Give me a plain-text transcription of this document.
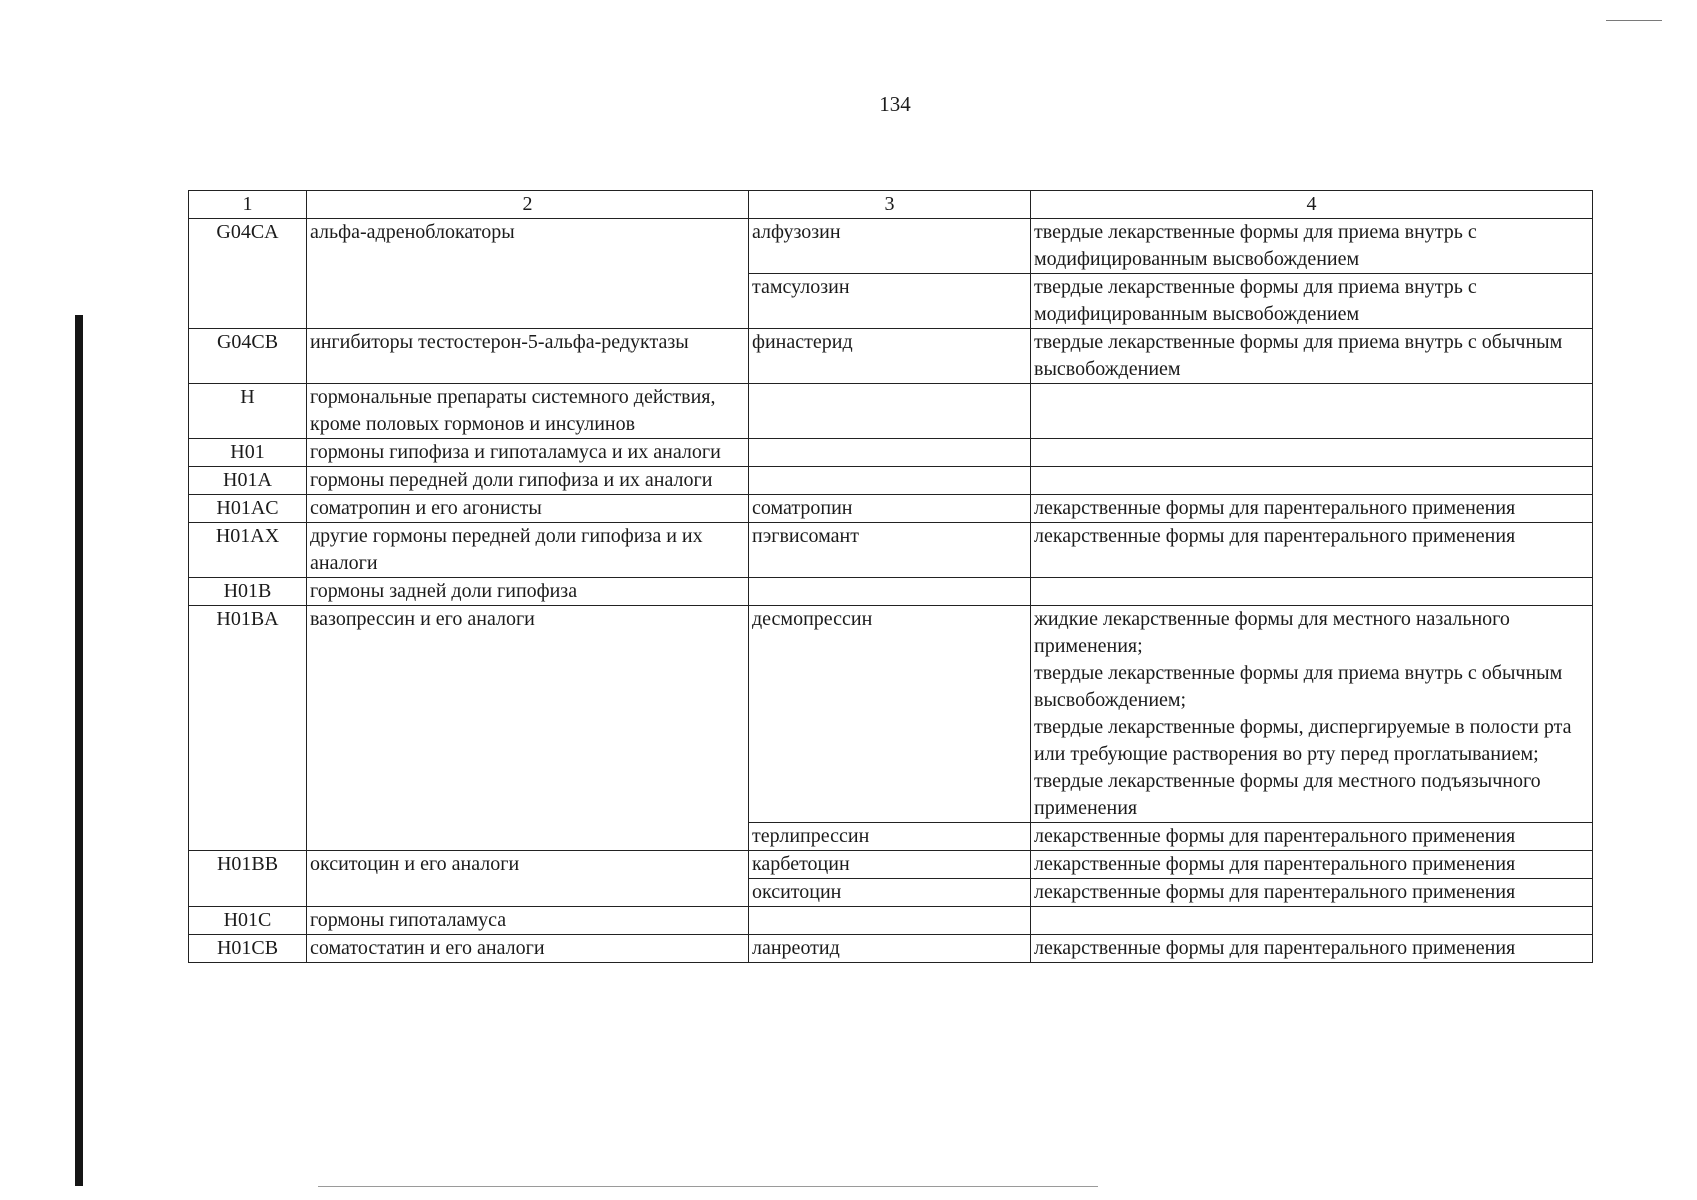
134
1	2	3	4
G04CA	альфа-адреноблокаторы	алфузозин	твердые лекарственные формы для приема внутрь с модифицированным высвобождением

		тамсулозин	твердые лекарственные формы для приема внутрь с модифицированным высвобождением

G04CB	ингибиторы тестостерон-5-альфа-редуктазы	финастерид	твердые лекарственные формы для приема внутрь с обычным высвобождением

H	гормональные препараты системного действия, кроме половых гормонов и инсулинов		

H01	гормоны гипофиза и гипоталамуса и их аналоги		

H01A	гормоны передней доли гипофиза и их аналоги		

H01AC	соматропин и его агонисты	соматропин	лекарственные формы для парентерального применения

H01AX	другие гормоны передней доли гипофиза и их аналоги	пэгвисомант	лекарственные формы для парентерального применения

H01B	гормоны задней доли гипофиза		

H01BA	вазопрессин и его аналоги	десмопрессин	жидкие лекарственные формы для местного назального применения;
твердые лекарственные формы для приема внутрь с обычным высвобождением;
твердые лекарственные формы, диспергируемые в полости рта или требующие растворения во рту перед проглатыванием;
твердые лекарственные формы для местного подъязычного применения

		терлипрессин	лекарственные формы для парентерального применения

H01BB	окситоцин и его аналоги	карбетоцин	лекарственные формы для парентерального применения

		окситоцин	лекарственные формы для парентерального применения

H01C	гормоны гипоталамуса		

H01CB	соматостатин и его аналоги	ланреотид	лекарственные формы для парентерального применения
